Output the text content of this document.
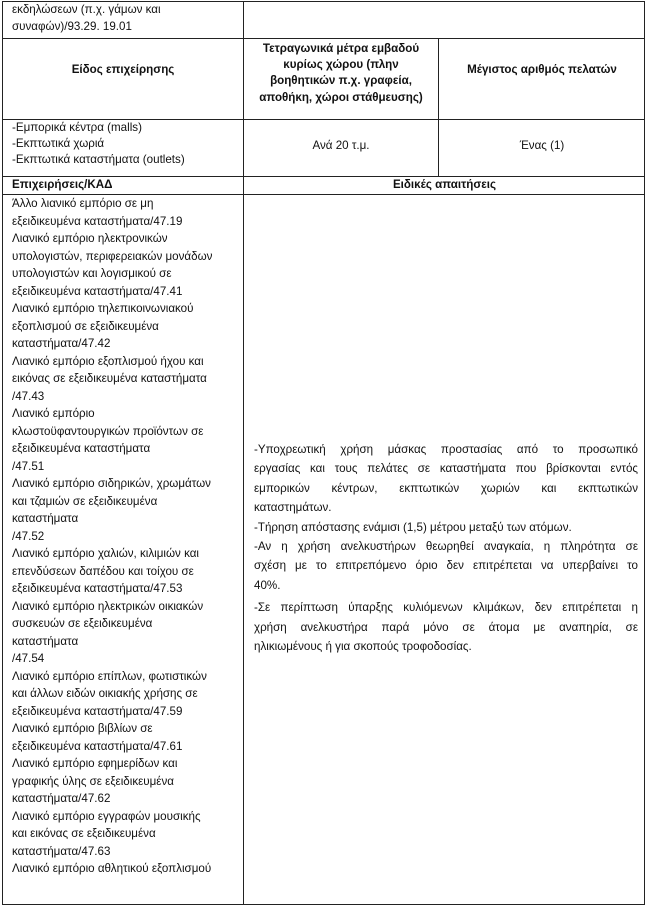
εκδηλώσεων (π.χ. γάμων και
συναφών)/93.29. 19.01
Είδος επιχείρησης
Τετραγωνικά μέτρα εμβαδού
κυρίως χώρου (πλην
βοηθητικών π.χ. γραφεία,
αποθήκη, χώροι στάθμευσης)
Μέγιστος αριθμός πελατών
-Εμπορικά κέντρα (malls)
-Εκπτωτικά χωριά
-Εκπτωτικά καταστήματα (outlets)
Ανά 20 τ.μ.	Ένας (1)
Επιχειρήσεις/ΚΑΔ	Ειδικές απαιτήσεις
Άλλο λιανικό εμπόριο σε μη
εξειδικευμένα καταστήματα/47.19
Λιανικό εμπόριο ηλεκτρονικών
υπολογιστών, περιφερειακών μονάδων
υπολογιστών και λογισμικού σε
εξειδικευμένα καταστήματα/47.41
Λιανικό εμπόριο τηλεπικοινωνιακού
εξοπλισμού σε εξειδικευμένα
καταστήματα/47.42
Λιανικό εμπόριο εξοπλισμού ήχου και
εικόνας σε εξειδικευμένα καταστήματα
/47.43
Λιανικό εμπόριο
κλωστοϋφαντουργικών προϊόντων σε
εξειδικευμένα καταστήματα
/47.51
Λιανικό εμπόριο σιδηρικών, χρωμάτων
και τζαμιών σε εξειδικευμένα
καταστήματα
/47.52
Λιανικό εμπόριο χαλιών, κιλιμιών και
επενδύσεων δαπέδου και τοίχου σε
εξειδικευμένα καταστήματα/47.53
Λιανικό εμπόριο ηλεκτρικών οικιακών
συσκευών σε εξειδικευμένα
καταστήματα
/47.54
Λιανικό εμπόριο επίπλων, φωτιστικών
και άλλων ειδών οικιακής χρήσης σε
εξειδικευμένα καταστήματα/47.59
Λιανικό εμπόριο βιβλίων σε
εξειδικευμένα καταστήματα/47.61
Λιανικό εμπόριο εφημερίδων και
γραφικής ύλης σε εξειδικευμένα
καταστήματα/47.62
Λιανικό εμπόριο εγγραφών μουσικής
και εικόνας σε εξειδικευμένα
καταστήματα/47.63
Λιανικό εμπόριο αθλητικού εξοπλισμού
-Υποχρεωτική χρήση μάσκας προστασίας από το προσωπικό
εργασίας και τους πελάτες σε καταστήματα που βρίσκονται εντός
εμπορικών κέντρων, εκπτωτικών χωριών και εκπτωτικών
καταστημάτων.
-Τήρηση απόστασης ενάμισι (1,5) μέτρου μεταξύ των ατόμων.
-Αν η χρήση ανελκυστήρων θεωρηθεί αναγκαία, η πληρότητα σε
σχέση με το επιτρεπόμενο όριο δεν επιτρέπεται να υπερβαίνει το
40%.
-Σε περίπτωση ύπαρξης κυλιόμενων κλιμάκων, δεν επιτρέπεται η
χρήση ανελκυστήρα παρά μόνο σε άτομα με αναπηρία, σε
ηλικιωμένους ή για σκοπούς τροφοδοσίας.
